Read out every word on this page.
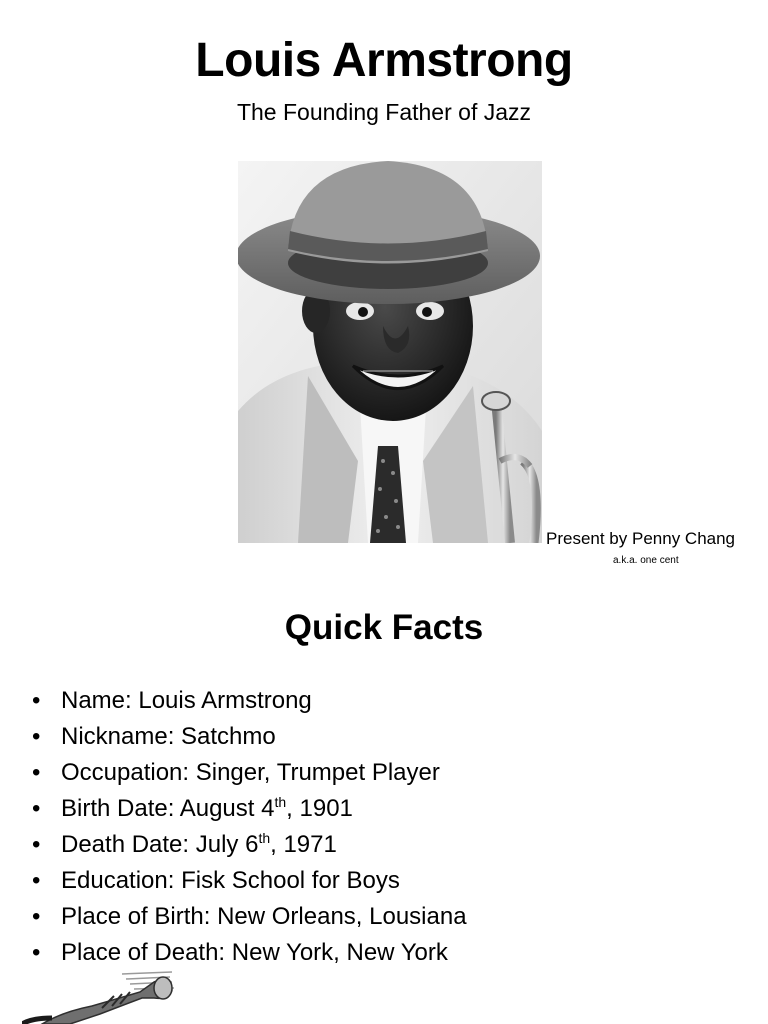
Louis Armstrong
The Founding Father of Jazz
Present by Penny Chang
a.k.a. one cent
Quick Facts
• Name: Louis Armstrong
• Nickname: Satchmo
• Occupation: Singer, Trumpet Player
• Birth Date: August 4th, 1901
• Death Date: July 6th, 1971
• Education: Fisk School for Boys
• Place of Birth: New Orleans, Lousiana
• Place of Death: New York, New York
